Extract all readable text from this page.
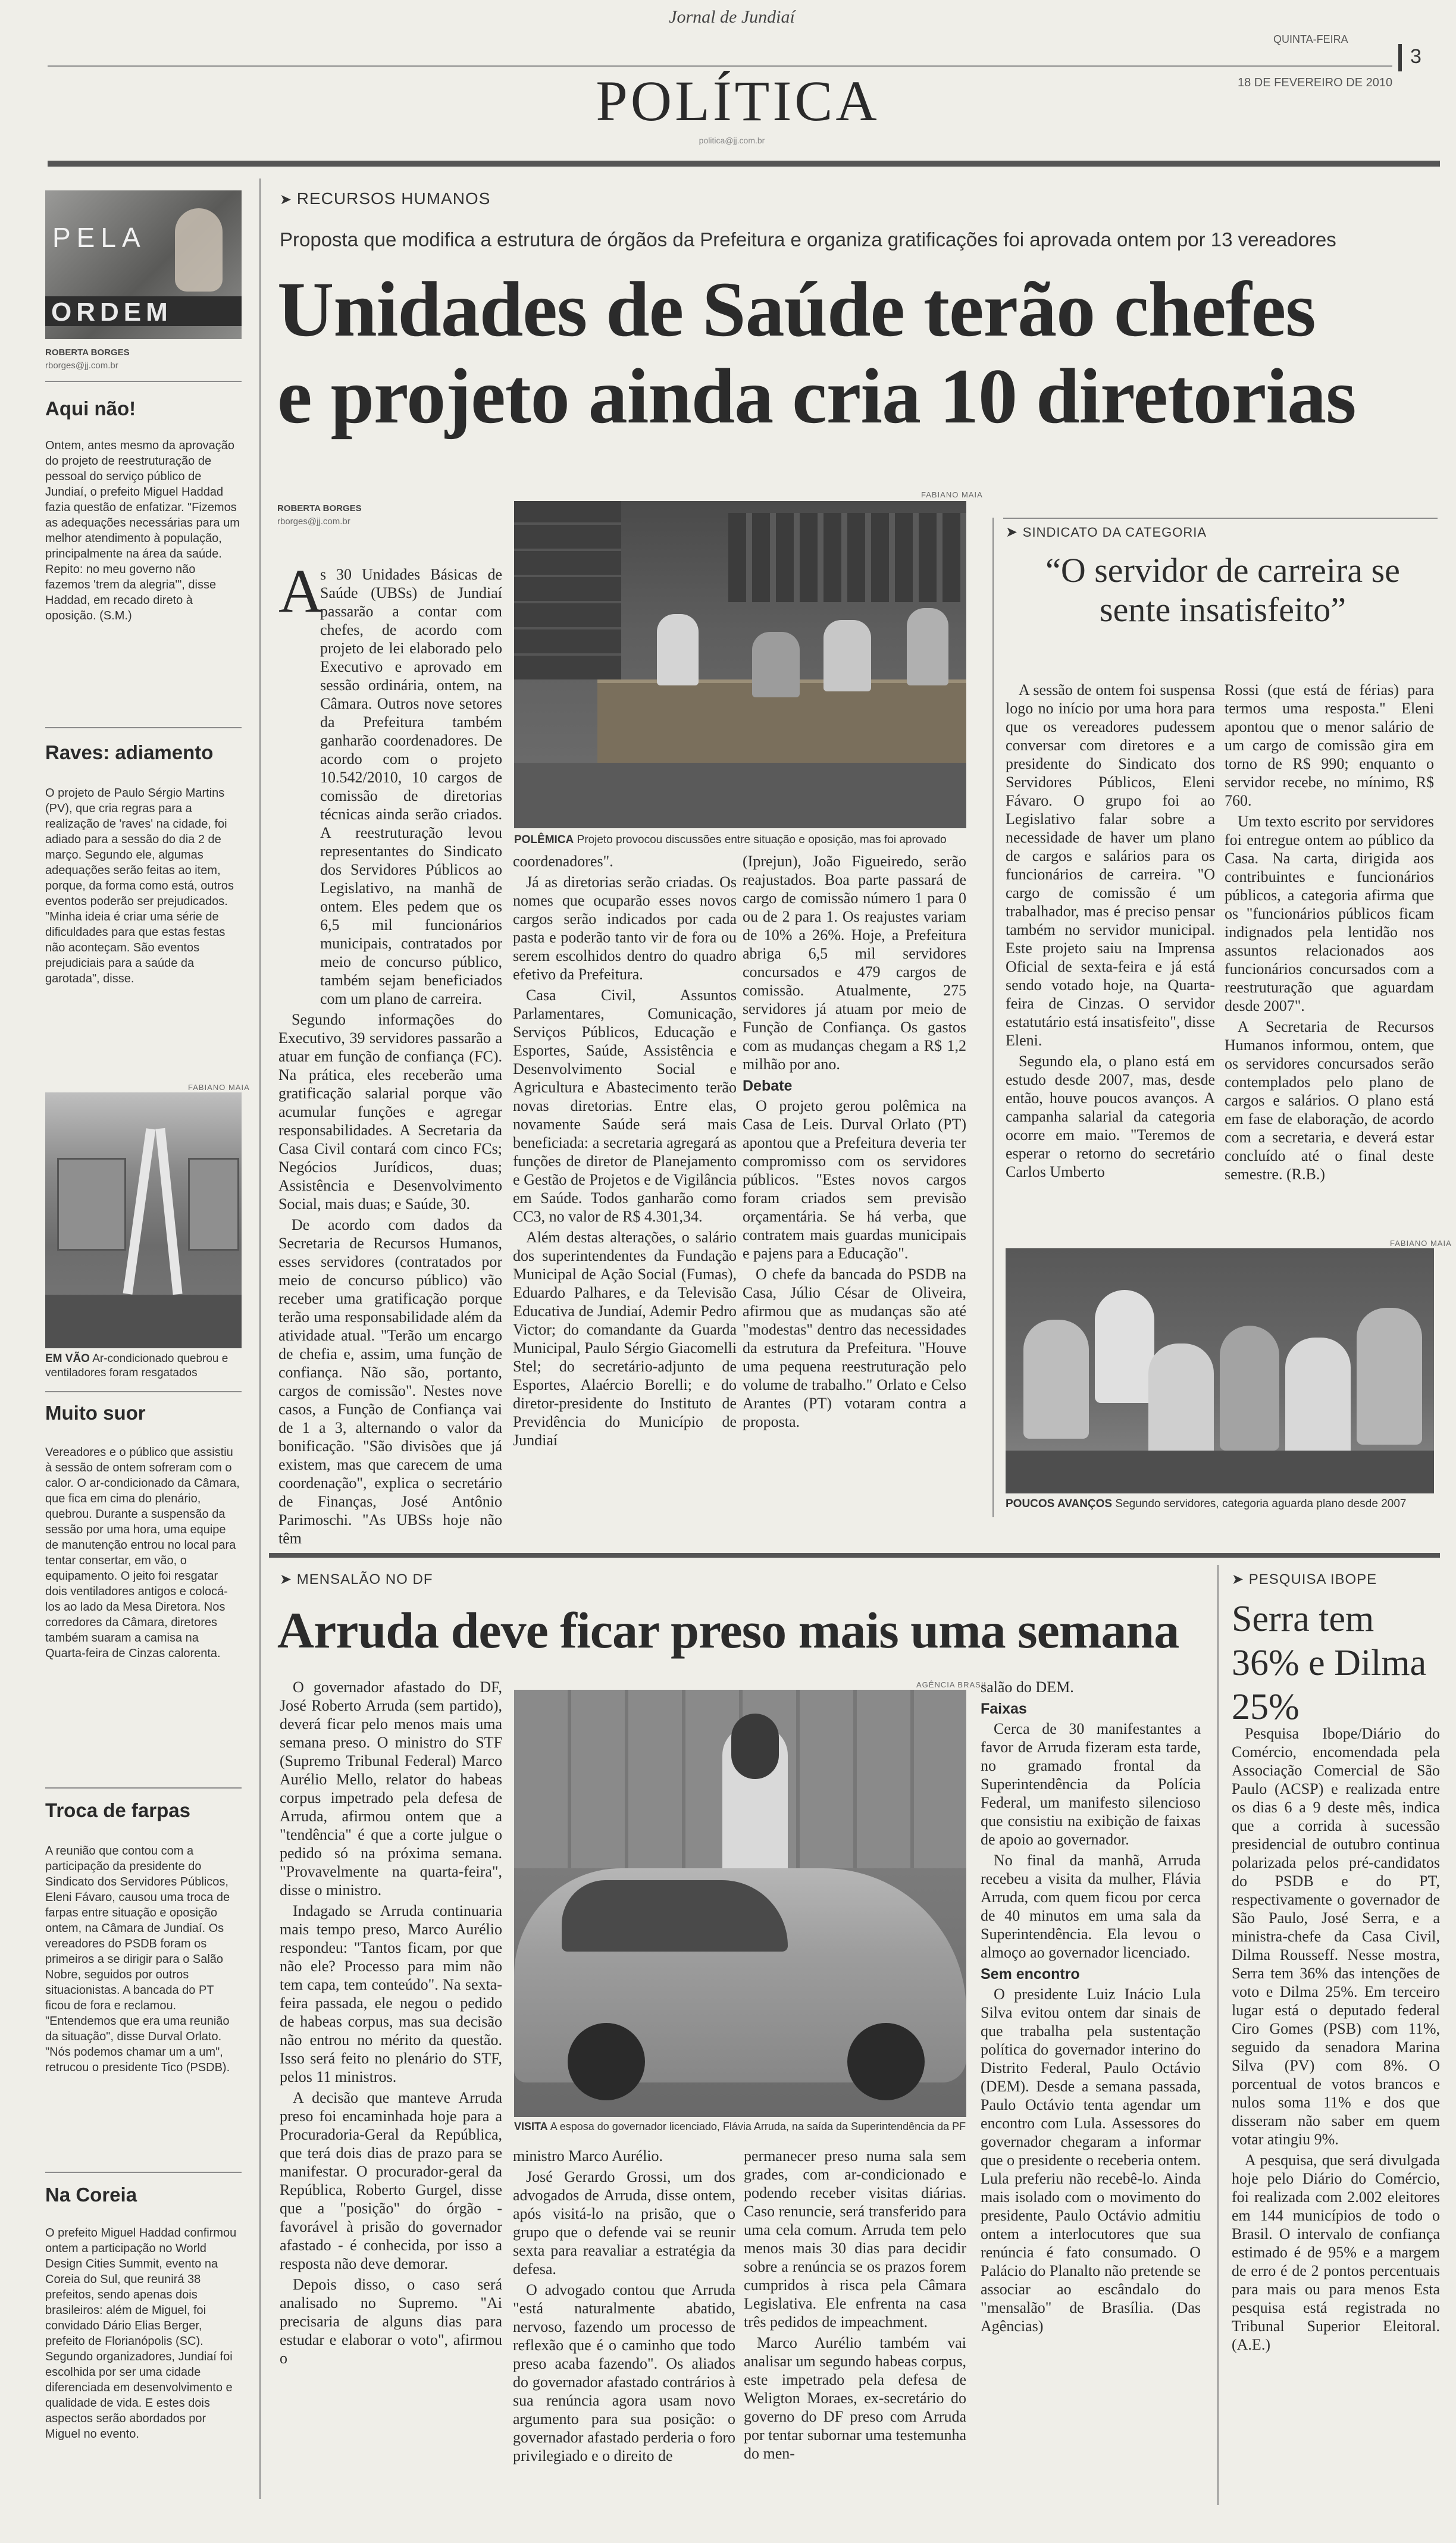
Jornal de Jundiaí
QUINTA-FEIRA
3
POLÍTICA	18 DE FEVEREIRO DE 2010
politica@jj.com.br
PELA
ORDEM
ROBERTA BORGES
rborges@jj.com.br
Aqui não!
Ontem, antes mesmo da aprovação do projeto de reestruturação de pessoal do serviço público de Jundiaí, o prefeito Miguel Haddad fazia questão de enfatizar. "Fizemos as adequações necessárias para um melhor atendimento à população, principalmente na área da saúde. Repito: no meu governo não fazemos 'trem da alegria'", disse Haddad, em recado direto à oposição. (S.M.)
Raves: adiamento
O projeto de Paulo Sérgio Martins (PV), que cria regras para a realização de 'raves' na cidade, foi adiado para a sessão do dia 2 de março. Segundo ele, algumas adequações serão feitas ao item, porque, da forma como está, outros eventos poderão ser prejudicados. "Minha ideia é criar uma série de dificuldades para que estas festas não aconteçam. São eventos prejudiciais para a saúde da garotada", disse.
FABIANO MAIA
EM VÃO Ar-condicionado quebrou e ventiladores foram resgatados
Muito suor
Vereadores e o público que assistiu à sessão de ontem sofreram com o calor. O ar-condicionado da Câmara, que fica em cima do plenário, quebrou. Durante a suspensão da sessão por uma hora, uma equipe de manutenção entrou no local para tentar consertar, em vão, o equipamento. O jeito foi resgatar dois ventiladores antigos e colocá-los ao lado da Mesa Diretora. Nos corredores da Câmara, diretores também suaram a camisa na Quarta-feira de Cinzas calorenta.
Troca de farpas
A reunião que contou com a participação da presidente do Sindicato dos Servidores Públicos, Eleni Fávaro, causou uma troca de farpas entre situação e oposição ontem, na Câmara de Jundiaí. Os vereadores do PSDB foram os primeiros a se dirigir para o Salão Nobre, seguidos por outros situacionistas. A bancada do PT ficou de fora e reclamou. "Entendemos que era uma reunião da situação", disse Durval Orlato. "Nós podemos chamar um a um", retrucou o presidente Tico (PSDB).
Na Coreia
O prefeito Miguel Haddad confirmou ontem a participação no World Design Cities Summit, evento na Coreia do Sul, que reunirá 38 prefeitos, sendo apenas dois brasileiros: além de Miguel, foi convidado Dário Elias Berger, prefeito de Florianópolis (SC). Segundo organizadores, Jundiaí foi escolhida por ser uma cidade diferenciada em desenvolvimento e qualidade de vida. E estes dois aspectos serão abordados por Miguel no evento.
➤ RECURSOS HUMANOS
Proposta que modifica a estrutura de órgãos da Prefeitura e organiza gratificações foi aprovada ontem por 13 vereadores
Unidades de Saúde terão chefes
e projeto ainda cria 10 diretorias
ROBERTA BORGES
rborges@jj.com.br
FABIANO MAIA
POLÊMICA Projeto provocou discussões entre situação e oposição, mas foi aprovado
A

s 30 Unidades Básicas de Saúde (UBSs) de Jundiaí passarão a contar com chefes, de acordo com projeto de lei elaborado pelo Executivo e aprovado em sessão ordinária, ontem, na Câmara. Outros nove setores da Prefeitura também ganharão coordenadores. De acordo com o projeto 10.542/2010, 10 cargos de comissão de diretorias técnicas ainda serão criados. A reestruturação levou representantes do Sindicato dos Servidores Públicos ao Legislativo, na manhã de ontem. Eles pedem que os 6,5 mil funcionários municipais, contratados por meio de concurso público, também sejam beneficiados com um plano de carreira.

Segundo informações do Executivo, 39 servidores passarão a atuar em função de confiança (FC). Na prática, eles receberão uma gratificação salarial porque vão acumular funções e agregar responsabilidades. A Secretaria da Casa Civil contará com cinco FCs; Negócios Jurídicos, duas; Assistência e Desenvolvimento Social, mais duas; e Saúde, 30.

De acordo com dados da Secretaria de Recursos Humanos, esses servidores (contratados por meio de concurso público) vão receber uma gratificação porque terão uma responsabilidade além da atividade atual. "Terão um encargo de chefia e, assim, uma função de confiança. Não são, portanto, cargos de comissão". Nestes nove casos, a Função de Confiança vai de 1 a 3, alternando o valor da bonificação. "São divisões que já existem, mas que carecem de uma coordenação", explica o secretário de Finanças, José Antônio Parimoschi. "As UBSs hoje não têm

coordenadores".

Já as diretorias serão criadas. Os nomes que ocuparão esses novos cargos serão indicados por cada pasta e poderão tanto vir de fora ou serem escolhidos dentro do quadro efetivo da Prefeitura.

Casa Civil, Assuntos Parlamentares, Comunicação, Serviços Públicos, Educação e Esportes, Saúde, Assistência e Desenvolvimento Social e Agricultura e Abastecimento terão novas diretorias. Entre elas, novamente Saúde será mais beneficiada: a secretaria agregará as funções de diretor de Planejamento e Gestão de Projetos e de Vigilância em Saúde. Todos ganharão como CC3, no valor de R$ 4.301,34.

Além destas alterações, o salário dos superintendentes da Fundação Municipal de Ação Social (Fumas), Eduardo Palhares, e da Televisão Educativa de Jundiaí, Ademir Pedro Victor; do comandante da Guarda Municipal, Paulo Sérgio Giacomelli Stel; do secretário-adjunto de Esportes, Alaércio Borelli; e do diretor-presidente do Instituto de Previdência do Município de Jundiaí

(Iprejun), João Figueiredo, serão reajustados. Boa parte passará de cargo de comissão número 1 para 0 ou de 2 para 1. Os reajustes variam de 10% a 26%. Hoje, a Prefeitura abriga 6,5 mil servidores concursados e 479 cargos de comissão. Atualmente, 275 servidores já atuam por meio de Função de Confiança. Os gastos com as mudanças chegam a R$ 1,2 milhão por ano.

Debate

O projeto gerou polêmica na Casa de Leis. Durval Orlato (PT) apontou que a Prefeitura deveria ter compromisso com os servidores públicos. "Estes novos cargos foram criados sem previsão orçamentária. Se há verba, que contratem mais guardas municipais e pajens para a Educação".

O chefe da bancada do PSDB na Casa, Júlio César de Oliveira, afirmou que as mudanças são até "modestas" dentro das necessidades da estrutura da Prefeitura. "Houve uma pequena reestruturação pelo volume de trabalho." Orlato e Celso Arantes (PT) votaram contra a proposta.

➤ SINDICATO DA CATEGORIA
“O servidor de carreira se sente insatisfeito”

A sessão de ontem foi suspensa logo no início por uma hora para que os vereadores pudessem conversar com diretores e a presidente do Sindicato dos Servidores Públicos, Eleni Fávaro. O grupo foi ao Legislativo falar sobre a necessidade de haver um plano de cargos e salários para os funcionários de carreira. "O cargo de comissão é um trabalhador, mas é preciso pensar também no servidor municipal. Este projeto saiu na Imprensa Oficial de sexta-feira e já está sendo votado hoje, na Quarta-feira de Cinzas. O servidor estatutário está insatisfeito", disse Eleni.

Segundo ela, o plano está em estudo desde 2007, mas, desde então, houve poucos avanços. A campanha salarial da categoria ocorre em maio. "Teremos de esperar o retorno do secretário Carlos Umberto

Rossi (que está de férias) para termos uma resposta." Eleni apontou que o menor salário de um cargo de comissão gira em torno de R$ 990; enquanto o servidor recebe, no mínimo, R$ 760.

Um texto escrito por servidores foi entregue ontem ao público da Casa. Na carta, dirigida aos contribuintes e funcionários públicos, a categoria afirma que os "funcionários públicos ficam indignados pela lentidão nos assuntos relacionados aos funcionários concursados com a reestruturação que aguardam desde 2007".

A Secretaria de Recursos Humanos informou, ontem, que os servidores concursados serão contemplados pelo plano de cargos e salários. O plano está em fase de elaboração, de acordo com a secretaria, e deverá estar concluído até o final deste semestre. (R.B.)

FABIANO MAIA
POUCOS AVANÇOS Segundo servidores, categoria aguarda plano desde 2007
➤ MENSALÃO NO DF
Arruda deve ficar preso mais uma semana
AGÊNCIA BRASIL
VISITA A esposa do governador licenciado, Flávia Arruda, na saída da Superintendência da PF

O governador afastado do DF, José Roberto Arruda (sem partido), deverá ficar pelo menos mais uma semana preso. O ministro do STF (Supremo Tribunal Federal) Marco Aurélio Mello, relator do habeas corpus impetrado pela defesa de Arruda, afirmou ontem que a "tendência" é que a corte julgue o pedido só na próxima semana. "Provavelmente na quarta-feira", disse o ministro.

Indagado se Arruda continuaria mais tempo preso, Marco Aurélio respondeu: "Tantos ficam, por que não ele? Processo para mim não tem capa, tem conteúdo". Na sexta-feira passada, ele negou o pedido de habeas corpus, mas sua decisão não entrou no mérito da questão. Isso será feito no plenário do STF, pelos 11 ministros.

A decisão que manteve Arruda preso foi encaminhada hoje para a Procuradoria-Geral da República, que terá dois dias de prazo para se manifestar. O procurador-geral da República, Roberto Gurgel, disse que a "posição" do órgão - favorável à prisão do governador afastado - é conhecida, por isso a resposta não deve demorar.

Depois disso, o caso será analisado no Supremo. "Ai precisaria de alguns dias para estudar e elaborar o voto", afirmou o

ministro Marco Aurélio.

José Gerardo Grossi, um dos advogados de Arruda, disse ontem, após visitá-lo na prisão, que o grupo que o defende vai se reunir sexta para reavaliar a estratégia da defesa.

O advogado contou que Arruda "está naturalmente abatido, nervoso, fazendo um processo de reflexão que é o caminho que todo preso acaba fazendo". Os aliados do governador afastado contrários à sua renúncia agora usam novo argumento para sua posição: o governador afastado perderia o foro privilegiado e o direito de

permanecer preso numa sala sem grades, com ar-condicionado e podendo receber visitas diárias. Caso renuncie, será transferido para uma cela comum. Arruda tem pelo menos mais 30 dias para decidir sobre a renúncia se os prazos forem cumpridos à risca pela Câmara Legislativa. Ele enfrenta na casa três pedidos de impeachment.

Marco Aurélio também vai analisar um segundo habeas corpus, este impetrado pela defesa de Weligton Moraes, ex-secretário do governo do DF preso com Arruda por tentar subornar uma testemunha do men-

salão do DEM.

Faixas

Cerca de 30 manifestantes a favor de Arruda fizeram esta tarde, no gramado frontal da Superintendência da Polícia Federal, um manifesto silencioso que consistiu na exibição de faixas de apoio ao governador.

No final da manhã, Arruda recebeu a visita da mulher, Flávia Arruda, com quem ficou por cerca de 40 minutos em uma sala da Superintendência. Ela levou o almoço ao governador licenciado.

Sem encontro

O presidente Luiz Inácio Lula Silva evitou ontem dar sinais de que trabalha pela sustentação política do governador interino do Distrito Federal, Paulo Octávio (DEM). Desde a semana passada, Paulo Octávio tenta agendar um encontro com Lula. Assessores do governador chegaram a informar que o presidente o receberia ontem. Lula preferiu não recebê-lo. Ainda mais isolado com o movimento do presidente, Paulo Octávio admitiu ontem a interlocutores que sua renúncia é fato consumado. O Palácio do Planalto não pretende se associar ao escândalo do "mensalão" de Brasília. (Das Agências)

➤ PESQUISA IBOPE
Serra tem 36% e Dilma 25%

Pesquisa Ibope/Diário do Comércio, encomendada pela Associação Comercial de São Paulo (ACSP) e realizada entre os dias 6 a 9 deste mês, indica que a corrida à sucessão presidencial de outubro continua polarizada pelos pré-candidatos do PSDB e do PT, respectivamente o governador de São Paulo, José Serra, e a ministra-chefe da Casa Civil, Dilma Rousseff. Nesse mostra, Serra tem 36% das intenções de voto e Dilma 25%. Em terceiro lugar está o deputado federal Ciro Gomes (PSB) com 11%, seguido da senadora Marina Silva (PV) com 8%. O porcentual de votos brancos e nulos soma 11% e dos que disseram não saber em quem votar atingiu 9%.

A pesquisa, que será divulgada hoje pelo Diário do Comércio, foi realizada com 2.002 eleitores em 144 municípios de todo o Brasil. O intervalo de confiança estimado é de 95% e a margem de erro é de 2 pontos percentuais para mais ou para menos Esta pesquisa está registrada no Tribunal Superior Eleitoral. (A.E.)
